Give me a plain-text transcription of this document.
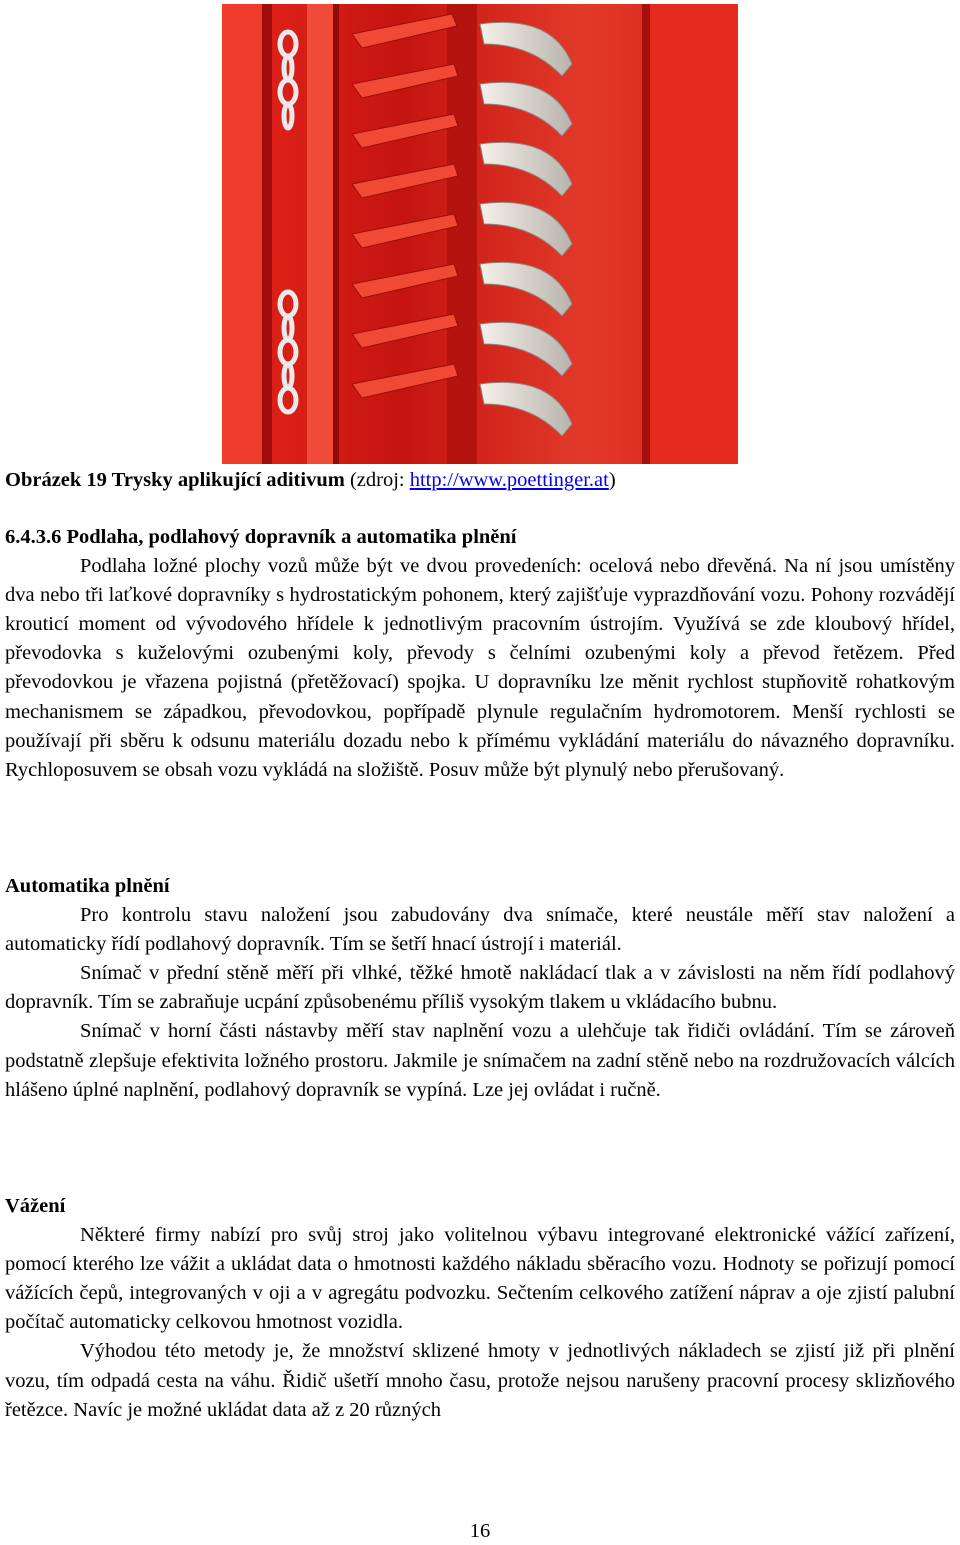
Obrázek 19 Trysky aplikující aditivum (zdroj: http://www.poettinger.at)
6.4.3.6 Podlaha, podlahový dopravník a automatika plnění
Podlaha ložné plochy vozů může být ve dvou provedeních: ocelová nebo dřevěná. Na ní jsou umístěny dva nebo tři laťkové dopravníky s hydrostatickým pohonem, který zajišťuje vyprazdňování vozu. Pohony rozvádějí krouticí moment od vývodového hřídele k jednotlivým pracovním ústrojím. Využívá se zde kloubový hřídel, převodovka s kuželovými ozubenými koly, převody s čelními ozubenými koly a převod řetězem. Před převodovkou je vřazena pojistná (přetěžovací) spojka. U dopravníku lze měnit rychlost stupňovitě rohatkovým mechanismem se západkou, převodovkou, popřípadě plynule regulačním hydromotorem. Menší rychlosti se používají při sběru k odsunu materiálu dozadu nebo k přímému vykládání materiálu do návazného dopravníku. Rychloposuvem se obsah vozu vykládá na složiště. Posuv může být plynulý nebo přerušovaný.
Automatika plnění
Pro kontrolu stavu naložení jsou zabudovány dva snímače, které neustále měří stav naložení a automaticky řídí podlahový dopravník. Tím se šetří hnací ústrojí i materiál.
Snímač v přední stěně měří při vlhké, těžké hmotě nakládací tlak a v závislosti na něm řídí podlahový dopravník. Tím se zabraňuje ucpání způsobenému příliš vysokým tlakem u vkládacího bubnu.
Snímač v horní části nástavby měří stav naplnění vozu a ulehčuje tak řidiči ovládání. Tím se zároveň podstatně zlepšuje efektivita ložného prostoru. Jakmile je snímačem na zadní stěně nebo na rozdružovacích válcích hlášeno úplné naplnění, podlahový dopravník se vypíná. Lze jej ovládat i ručně.
Vážení
Některé firmy nabízí pro svůj stroj jako volitelnou výbavu integrované elektronické vážící zařízení, pomocí kterého lze vážit a ukládat data o hmotnosti každého nákladu sběracího vozu. Hodnoty se pořizují pomocí vážících čepů, integrovaných v oji a v agregátu podvozku. Sečtením celkového zatížení náprav a oje zjistí palubní počítač automaticky celkovou hmotnost vozidla.
Výhodou této metody je, že množství sklizené hmoty v jednotlivých nákladech se zjistí již při plnění vozu, tím odpadá cesta na váhu. Řidič ušetří mnoho času, protože nejsou narušeny pracovní procesy sklizňového řetězce. Navíc je možné ukládat data až z 20 různých
16
